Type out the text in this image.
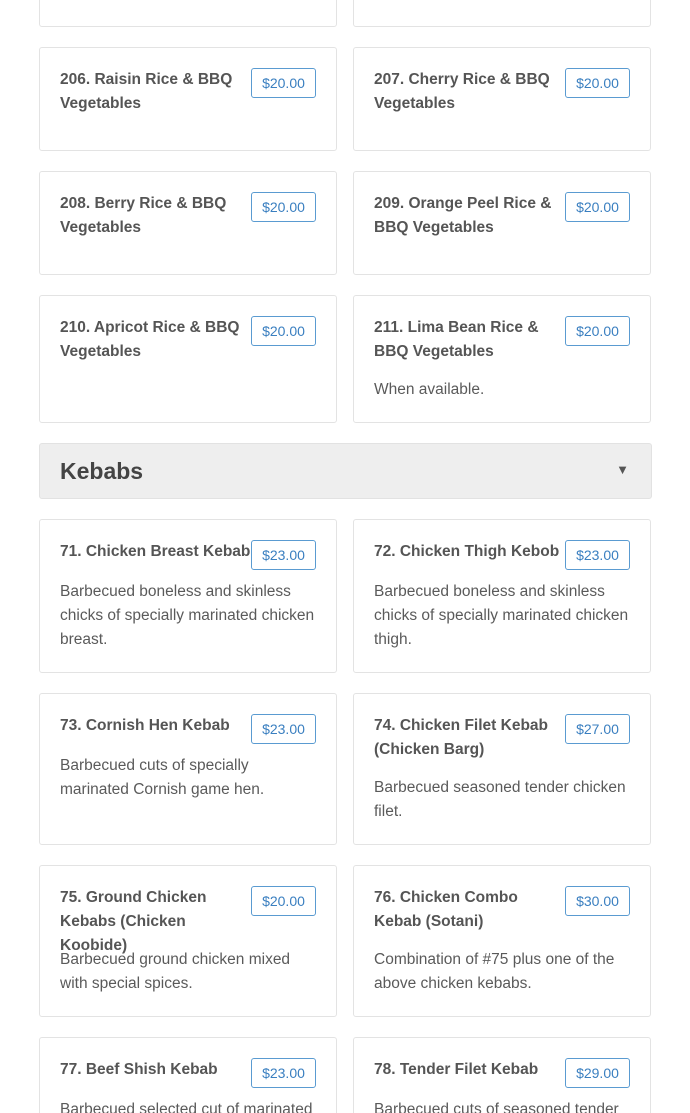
206. Raisin Rice & BBQ Vegetables
$20.00	207. Cherry Rice & BBQ Vegetables
$20.00
208. Berry Rice & BBQ Vegetables
$20.00	209. Orange Peel Rice & BBQ Vegetables
$20.00
210. Apricot Rice & BBQ Vegetables
$20.00	211. Lima Bean Rice & BBQ Vegetables
$20.00
When available.
Kebabs	▼
71. Chicken Breast Kebab $23.00
Barbecued boneless and skinless chicks of specially marinated chicken breast.
72. Chicken Thigh Kebob	$23.00
Barbecued boneless and skinless chicks of specially marinated chicken thigh.
73. Cornish Hen Kebab	$23.00
Barbecued cuts of specially marinated Cornish game hen.
74. Chicken Filet Kebab (Chicken Barg)
$27.00
Barbecued seasoned tender chicken filet.
75. Ground Chicken Kebabs (Chicken Koobide)
$20.00
Barbecued ground chicken mixed with special spices.
76. Chicken Combo Kebab (Sotani)
$30.00
Combination of #75 plus one of the above chicken kebabs.
77. Beef Shish Kebab	$23.00
Barbecued selected cut of marinated
78. Tender Filet Kebab	$29.00
Barbecued cuts of seasoned tender
